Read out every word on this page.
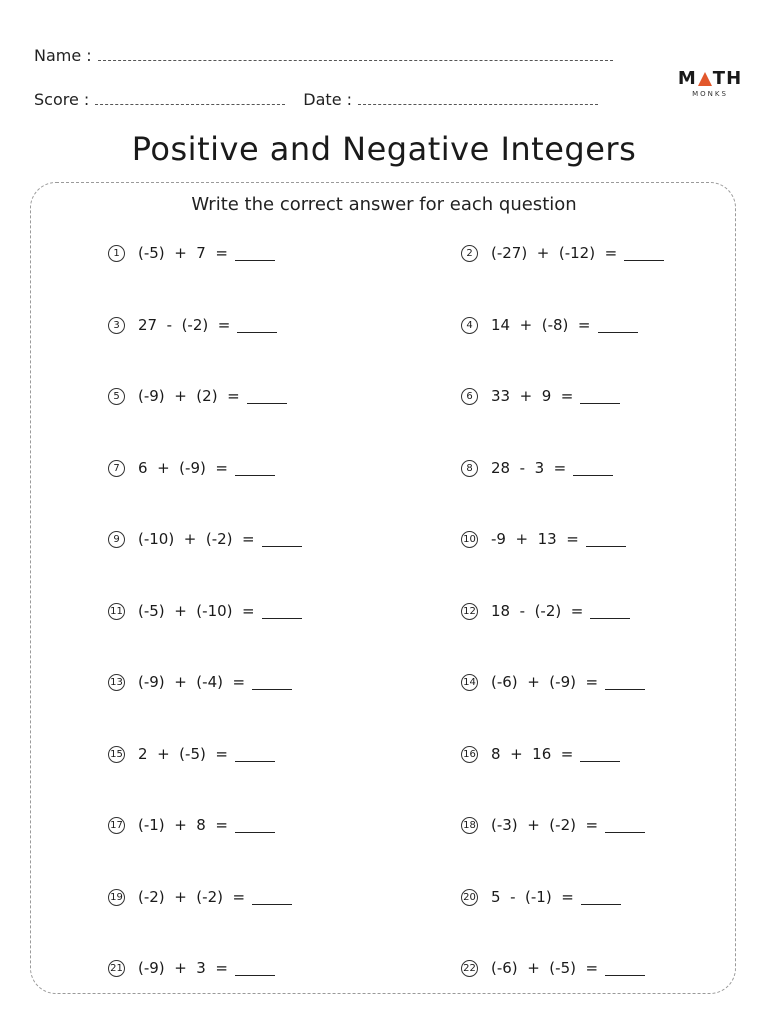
Name :
Score :	Date :
M TH
MONKS
Positive and Negative Integers
Write the correct answer for each question
1	(-5)  +  7  =	2	(-27)  +  (-12)  =
3	27  -  (-2)  =	4	14  +  (-8)  =
5	(-9)  +  (2)  =	6	33  +  9  =
7	6  +  (-9)  =	8	28  -  3  =
9	(-10)  +  (-2)  =	10 -9  +  13  =
11 (-5)  +  (-10)  =	12 18  -  (-2)  =
13 (-9)  +  (-4)  =	14 (-6)  +  (-9)  =
15 2  +  (-5)  =	16 8  +  16  =
17 (-1)  +  8  =	18 (-3)  +  (-2)  =
19 (-2)  +  (-2)  =	20 5  -  (-1)  =
21 (-9)  +  3  =	22 (-6)  +  (-5)  =
